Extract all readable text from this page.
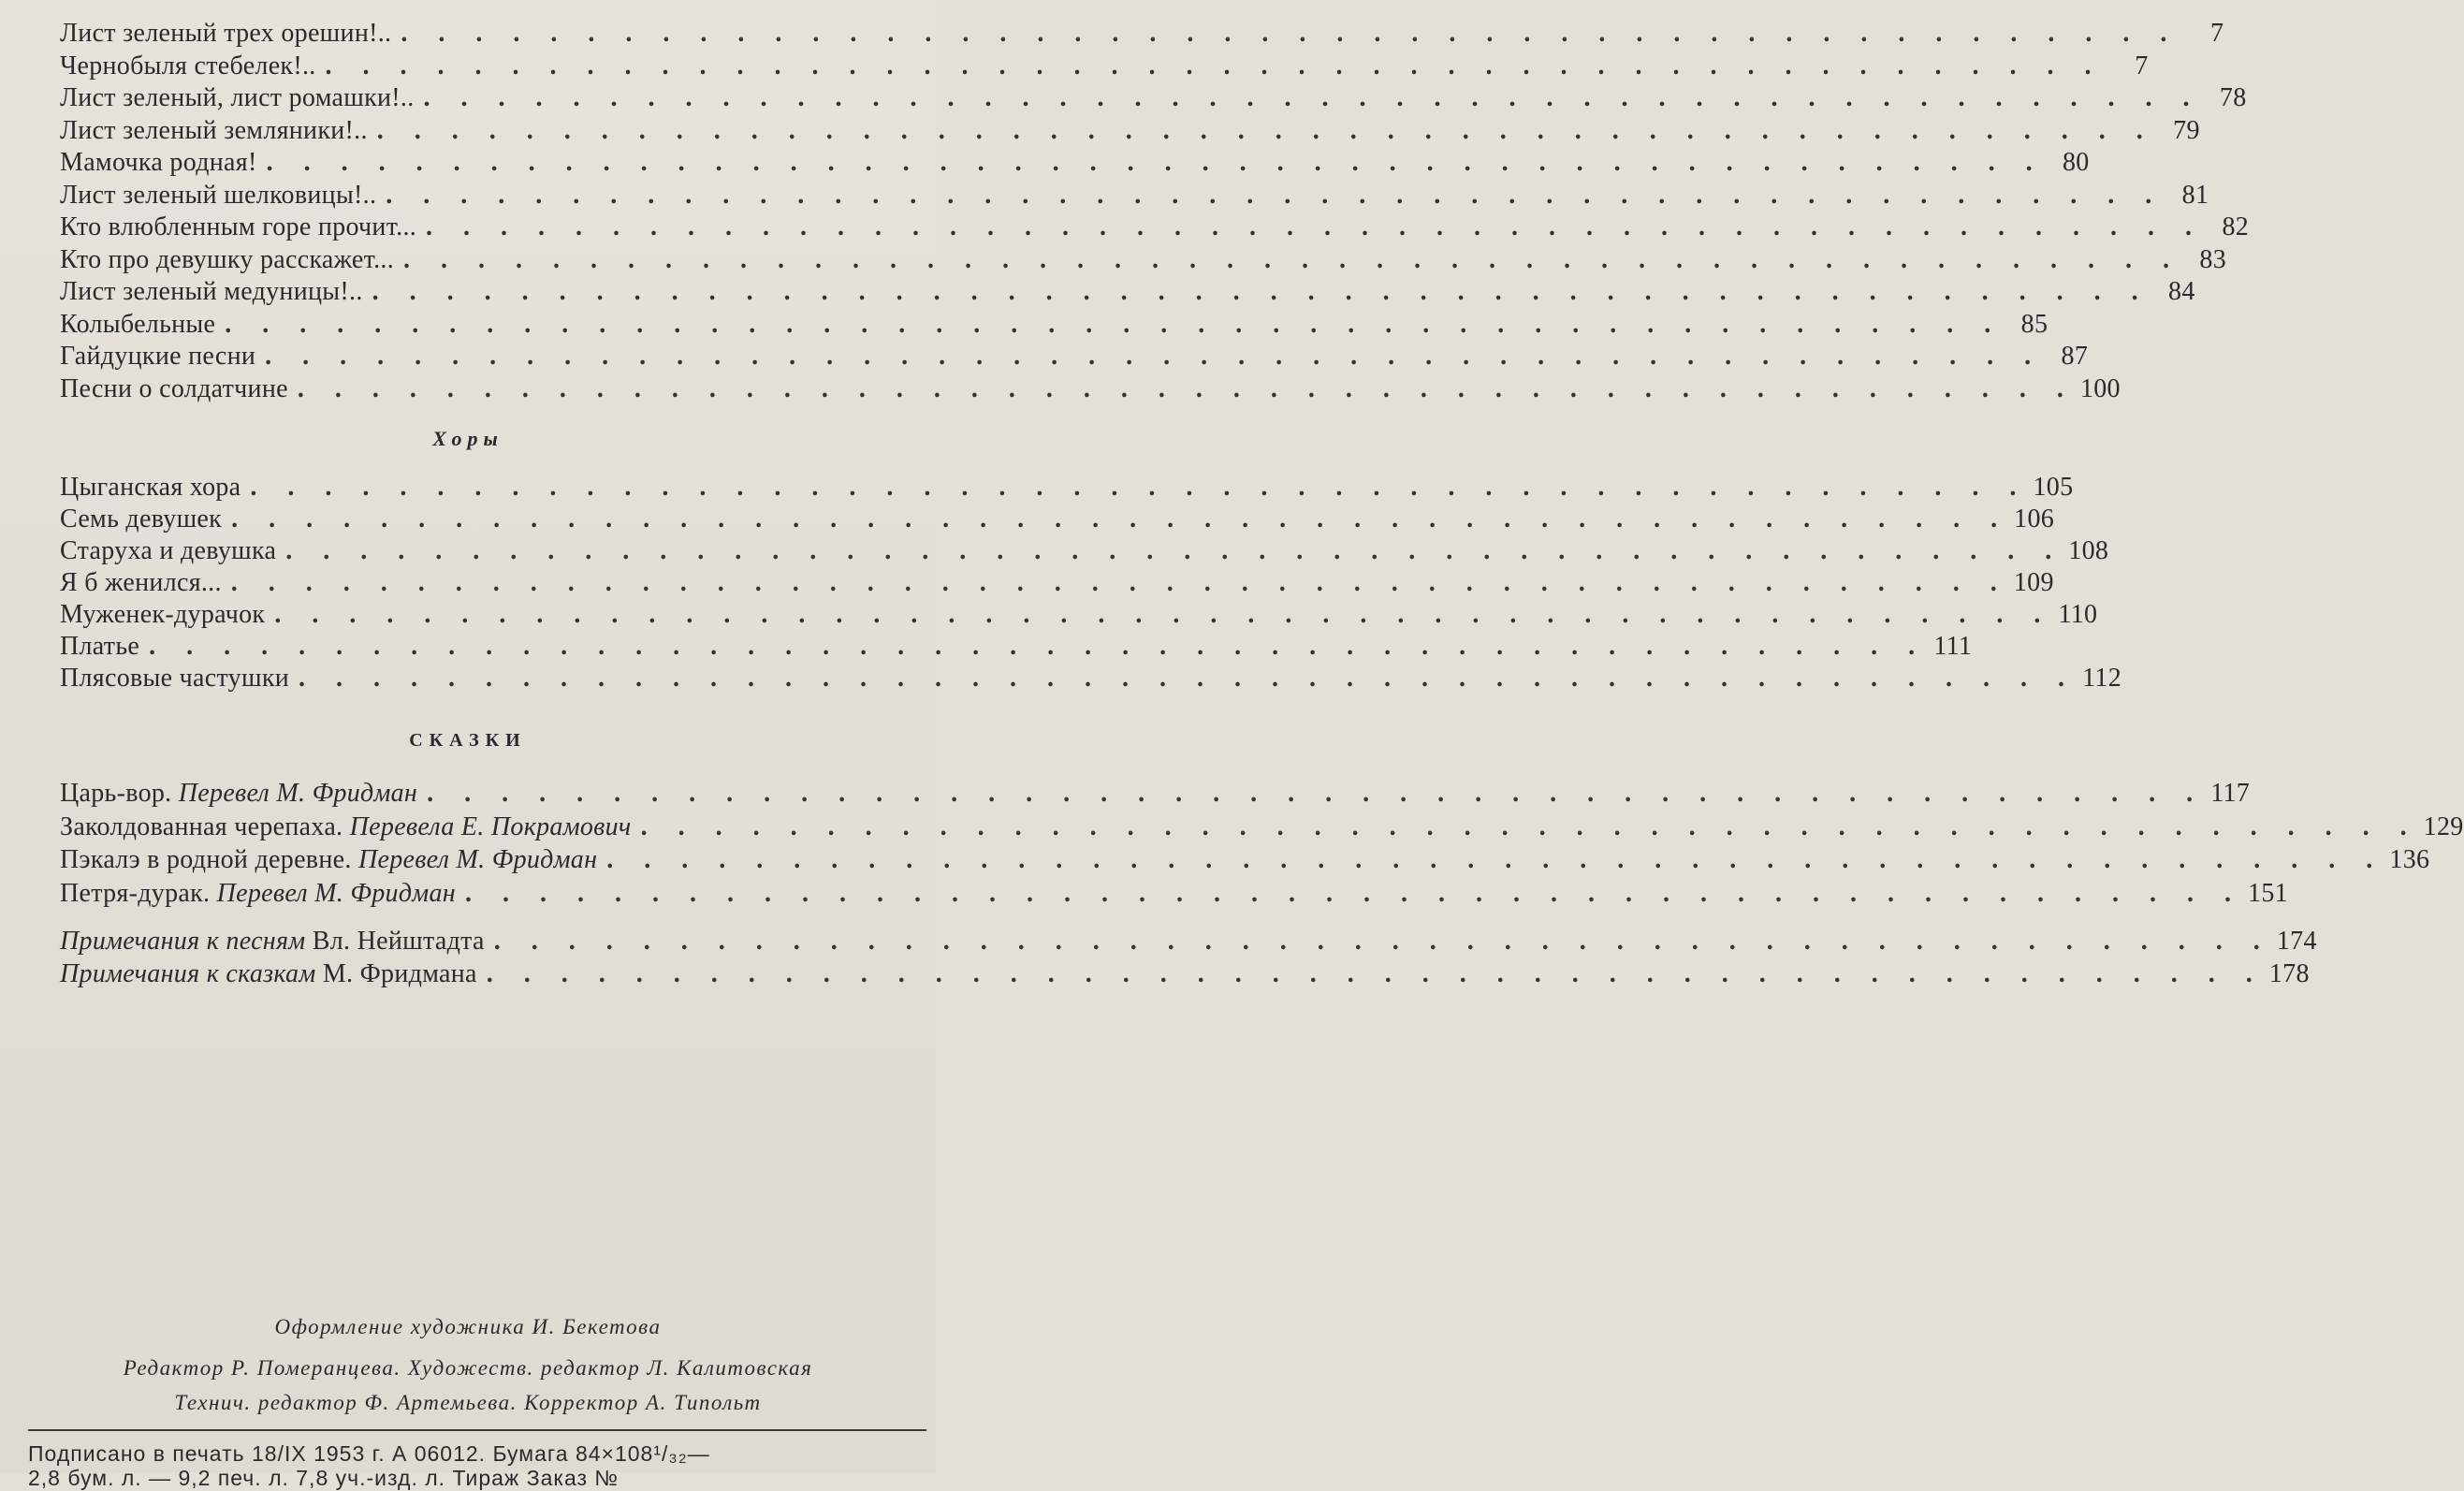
Лист зеленый трех орешин!.. . . . . . . . . . . . . . . . . . . . . . . . . . . . . . . . . . . . . . . . . . . . . . . . .	7
Чернобыля стебелек!.. . . . . . . . . . . . . . . . . . . . . . . . . . . . . . . . . . . . . . . . . . . . . . . . .	7
Лист зеленый, лист ромашки!.. . . . . . . . . . . . . . . . . . . . . . . . . . . . . . . . . . . . . . . . . . . . . . . . . 78
Лист зеленый земляники!.. . . . . . . . . . . . . . . . . . . . . . . . . . . . . . . . . . . . . . . . . . . . . . . . . 79
Мамочка родная! . . . . . . . . . . . . . . . . . . . . . . . . . . . . . . . . . . . . . . . . . . . . . . . . 80
Лист зеленый шелковицы!.. . . . . . . . . . . . . . . . . . . . . . . . . . . . . . . . . . . . . . . . . . . . . . . . . 81
Кто влюбленным горе прочит... . . . . . . . . . . . . . . . . . . . . . . . . . . . . . . . . . . . . . . . . . . . . . . . . 82
Кто про девушку расскажет... . . . . . . . . . . . . . . . . . . . . . . . . . . . . . . . . . . . . . . . . . . . . . . . . 83
Лист зеленый медуницы!.. . . . . . . . . . . . . . . . . . . . . . . . . . . . . . . . . . . . . . . . . . . . . . . . . 84
Колыбельные . . . . . . . . . . . . . . . . . . . . . . . . . . . . . . . . . . . . . . . . . . . . . . . . 85
Гайдуцкие песни . . . . . . . . . . . . . . . . . . . . . . . . . . . . . . . . . . . . . . . . . . . . . . . . 87
Песни о солдатчине . . . . . . . . . . . . . . . . . . . . . . . . . . . . . . . . . . . . . . . . . . . . . . . . 100
Хоры
Цыганская хора . . . . . . . . . . . . . . . . . . . . . . . . . . . . . . . . . . . . . . . . . . . . . . . . 105
Семь девушек . . . . . . . . . . . . . . . . . . . . . . . . . . . . . . . . . . . . . . . . . . . . . . . . 106
Старуха и девушка . . . . . . . . . . . . . . . . . . . . . . . . . . . . . . . . . . . . . . . . . . . . . . . . 108
Я б женился... . . . . . . . . . . . . . . . . . . . . . . . . . . . . . . . . . . . . . . . . . . . . . . . . 109
Муженек-дурачок . . . . . . . . . . . . . . . . . . . . . . . . . . . . . . . . . . . . . . . . . . . . . . . . 110
Платье . . . . . . . . . . . . . . . . . . . . . . . . . . . . . . . . . . . . . . . . . . . . . . . . 111
Плясовые частушки . . . . . . . . . . . . . . . . . . . . . . . . . . . . . . . . . . . . . . . . . . . . . . . . 112
СКАЗКИ
Царь-вор. Перевел М. Фридман . . . . . . . . . . . . . . . . . . . . . . . . . . . . . . . . . . . . . . . . . . . . . . . . 117
Заколдованная черепаха. Перевела Е. Покрамович . . . . . . . . . . . . . . . . . . . . . . . . . . . . . . . . . . . . . . . . . . . . . . . . 129
Пэкалэ в родной деревне. Перевел М. Фридман . . . . . . . . . . . . . . . . . . . . . . . . . . . . . . . . . . . . . . . . . . . . . . . . 136
Петря-дурак. Перевел М. Фридман . . . . . . . . . . . . . . . . . . . . . . . . . . . . . . . . . . . . . . . . . . . . . . . . 151
Примечания к песням Вл. Нейштадта . . . . . . . . . . . . . . . . . . . . . . . . . . . . . . . . . . . . . . . . . . . . . . . . 174
Примечания к сказкам М. Фридмана . . . . . . . . . . . . . . . . . . . . . . . . . . . . . . . . . . . . . . . . . . . . . . . . 178
Оформление художника И. Бекетова
Редактор Р. Померанцева. Художеств. редактор Л. Калитовская
Технич. редактор Ф. Артемьева. Корректор А. Типольт
Подписано в печать 18/IX 1953 г. А 06012. Бумага 84×108¹/₃₂—
2,8 бум. л. — 9,2 печ. л. 7,8 уч.-изд. л. Тираж Заказ №
